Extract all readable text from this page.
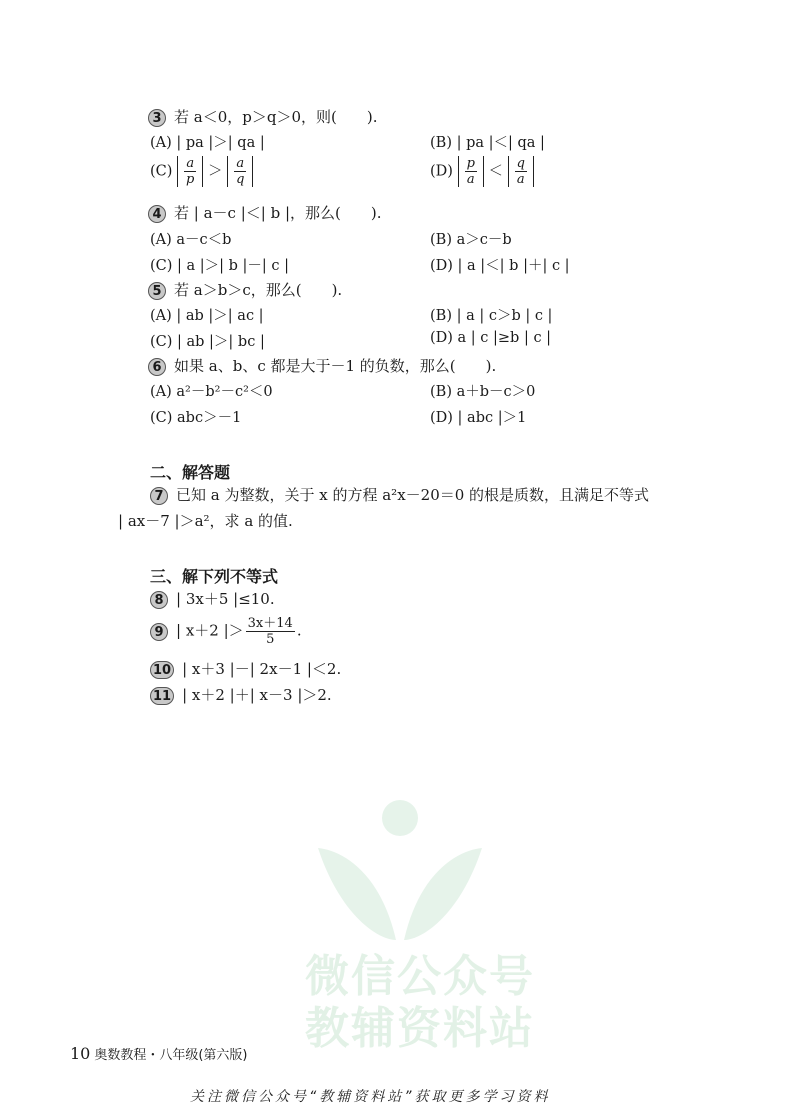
微信公众号
教辅资料站
3 若 a＜0，p＞q＞0，则(　　).
(A) | pa |＞| qa |	(B) | pa |＜| qa |
$(C) \frac{a}{p} > \frac{a}{q}$	$(D) \frac{p}{a} < \frac{q}{a}$
4 若 | a－c |＜| b |，那么(　　).
(A) a－c＜b	(B) a＞c－b
(C) | a |＞| b |－| c |	(D) | a |＜| b |＋| c |
5 若 a＞b＞c，那么(　　).
(A) | ab |＞| ac |	(B) | a | c＞b | c |
(C) | ab |＞| bc |	(D) a | c |≥b | c |
6 如果 a、b、c 都是大于－1 的负数，那么(　　).
(A) a²－b²－c²＜0	(B) a＋b－c＞0
(C) abc＞－1	(D) | abc |＞1
二、解答题
7 已知 a 为整数，关于 x 的方程 a²x－20＝0 的根是质数，且满足不等式
| ax－7 |＞a²，求 a 的值.
三、解下列不等式
8 | 3x＋5 |≤10.
9 | x＋2 |＞ $\frac{3x+14}{5}$ .
10 | x＋3 |－| 2x－1 |＜2.
11 | x＋2 |＋| x－3 |＞2.
10 奥数教程・八年级(第六版)
关注微信公众号“教辅资料站”获取更多学习资料
